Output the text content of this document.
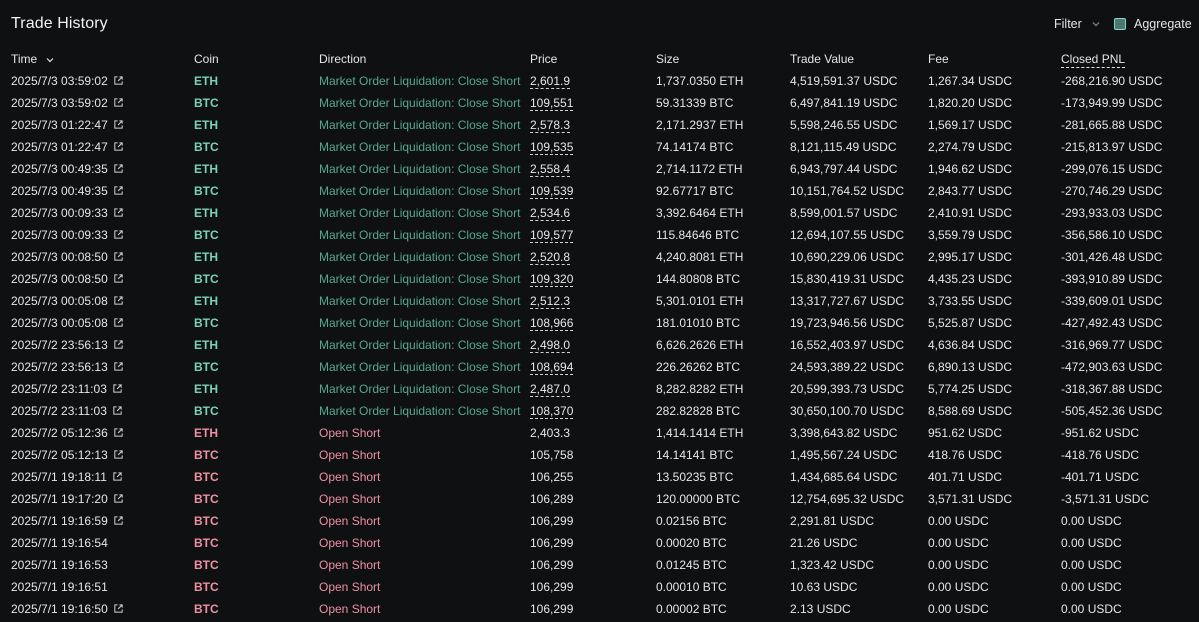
Trade History	Filter	Aggregate
Time	Coin	Direction	Price	Size	Trade Value	Fee	Closed PNL
2025/7/3 03:59:02	ETH	Market Order Liquidation: Close Short	2,601.9	1,737.0350 ETH	4,519,591.37 USDC	1,267.34 USDC	-268,216.90 USDC
2025/7/3 03:59:02	BTC	Market Order Liquidation: Close Short	109,551	59.31339 BTC	6,497,841.19 USDC	1,820.20 USDC	-173,949.99 USDC
2025/7/3 01:22:47	ETH	Market Order Liquidation: Close Short	2,578.3	2,171.2937 ETH	5,598,246.55 USDC	1,569.17 USDC	-281,665.88 USDC
2025/7/3 01:22:47	BTC	Market Order Liquidation: Close Short	109,535	74.14174 BTC	8,121,115.49 USDC	2,274.79 USDC	-215,813.97 USDC
2025/7/3 00:49:35	ETH	Market Order Liquidation: Close Short	2,558.4	2,714.1172 ETH	6,943,797.44 USDC	1,946.62 USDC	-299,076.15 USDC
2025/7/3 00:49:35	BTC	Market Order Liquidation: Close Short	109,539	92.67717 BTC	10,151,764.52 USDC	2,843.77 USDC	-270,746.29 USDC
2025/7/3 00:09:33	ETH	Market Order Liquidation: Close Short	2,534.6	3,392.6464 ETH	8,599,001.57 USDC	2,410.91 USDC	-293,933.03 USDC
2025/7/3 00:09:33	BTC	Market Order Liquidation: Close Short	109,577	115.84646 BTC	12,694,107.55 USDC	3,559.79 USDC	-356,586.10 USDC
2025/7/3 00:08:50	ETH	Market Order Liquidation: Close Short	2,520.8	4,240.8081 ETH	10,690,229.06 USDC	2,995.17 USDC	-301,426.48 USDC
2025/7/3 00:08:50	BTC	Market Order Liquidation: Close Short	109,320	144.80808 BTC	15,830,419.31 USDC	4,435.23 USDC	-393,910.89 USDC
2025/7/3 00:05:08	ETH	Market Order Liquidation: Close Short	2,512.3	5,301.0101 ETH	13,317,727.67 USDC	3,733.55 USDC	-339,609.01 USDC
2025/7/3 00:05:08	BTC	Market Order Liquidation: Close Short	108,966	181.01010 BTC	19,723,946.56 USDC	5,525.87 USDC	-427,492.43 USDC
2025/7/2 23:56:13	ETH	Market Order Liquidation: Close Short	2,498.0	6,626.2626 ETH	16,552,403.97 USDC	4,636.84 USDC	-316,969.77 USDC
2025/7/2 23:56:13	BTC	Market Order Liquidation: Close Short	108,694	226.26262 BTC	24,593,389.22 USDC	6,890.13 USDC	-472,903.63 USDC
2025/7/2 23:11:03	ETH	Market Order Liquidation: Close Short	2,487.0	8,282.8282 ETH	20,599,393.73 USDC	5,774.25 USDC	-318,367.88 USDC
2025/7/2 23:11:03	BTC	Market Order Liquidation: Close Short	108,370	282.82828 BTC	30,650,100.70 USDC	8,588.69 USDC	-505,452.36 USDC
2025/7/2 05:12:36	ETH	Open Short	2,403.3	1,414.1414 ETH	3,398,643.82 USDC	951.62 USDC	-951.62 USDC
2025/7/2 05:12:13	BTC	Open Short	105,758	14.14141 BTC	1,495,567.24 USDC	418.76 USDC	-418.76 USDC
2025/7/1 19:18:11	BTC	Open Short	106,255	13.50235 BTC	1,434,685.64 USDC	401.71 USDC	-401.71 USDC
2025/7/1 19:17:20	BTC	Open Short	106,289	120.00000 BTC	12,754,695.32 USDC	3,571.31 USDC	-3,571.31 USDC
2025/7/1 19:16:59	BTC	Open Short	106,299	0.02156 BTC	2,291.81 USDC	0.00 USDC	0.00 USDC
2025/7/1 19:16:54	BTC	Open Short	106,299	0.00020 BTC	21.26 USDC	0.00 USDC	0.00 USDC
2025/7/1 19:16:53	BTC	Open Short	106,299	0.01245 BTC	1,323.42 USDC	0.00 USDC	0.00 USDC
2025/7/1 19:16:51	BTC	Open Short	106,299	0.00010 BTC	10.63 USDC	0.00 USDC	0.00 USDC
2025/7/1 19:16:50	BTC	Open Short	106,299	0.00002 BTC	2.13 USDC	0.00 USDC	0.00 USDC
